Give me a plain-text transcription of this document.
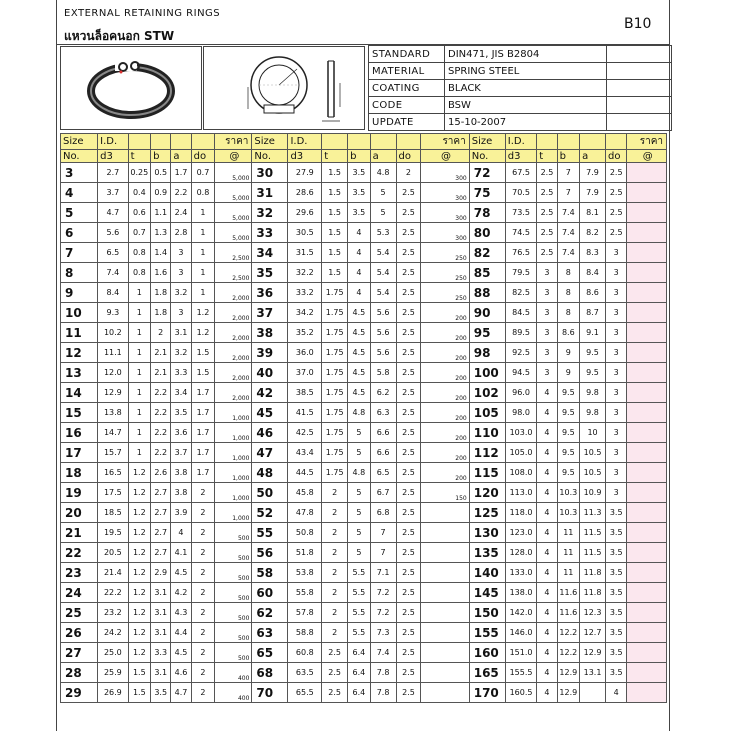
EXTERNAL RETAINING RINGS
แหวนล็อคนอก STW
B10
STANDARD	DIN471, JIS B2804	
MATERIAL	SPRING STEEL	
COATING	BLACK	
CODE	BSW	
UPDATE	15-10-2007	
Size	I.D.					ราคา	Size	I.D.					ราคา	Size	I.D.					ราคา
No.	d3	t	b	a	do	@	No.	d3	t	b	a	do	@	No.	d3	t	b	a	do	@
3	2.7	0.25	0.5	1.7	0.7	5,000	30	27.9	1.5	3.5	4.8	2	300	72	67.5	2.5	7	7.9	2.5	
4	3.7	0.4	0.9	2.2	0.8	5,000	31	28.6	1.5	3.5	5	2.5	300	75	70.5	2.5	7	7.9	2.5	
5	4.7	0.6	1.1	2.4	1	5,000	32	29.6	1.5	3.5	5	2.5	300	78	73.5	2.5	7.4	8.1	2.5	
6	5.6	0.7	1.3	2.8	1	5,000	33	30.5	1.5	4	5.3	2.5	300	80	74.5	2.5	7.4	8.2	2.5	
7	6.5	0.8	1.4	3	1	2,500	34	31.5	1.5	4	5.4	2.5	250	82	76.5	2.5	7.4	8.3	3	
8	7.4	0.8	1.6	3	1	2,500	35	32.2	1.5	4	5.4	2.5	250	85	79.5	3	8	8.4	3	
9	8.4	1	1.8	3.2	1	2,000	36	33.2	1.75	4	5.4	2.5	250	88	82.5	3	8	8.6	3	
10	9.3	1	1.8	3	1.2	2,000	37	34.2	1.75	4.5	5.6	2.5	200	90	84.5	3	8	8.7	3	
11	10.2	1	2	3.1	1.2	2,000	38	35.2	1.75	4.5	5.6	2.5	200	95	89.5	3	8.6	9.1	3	
12	11.1	1	2.1	3.2	1.5	2,000	39	36.0	1.75	4.5	5.6	2.5	200	98	92.5	3	9	9.5	3	
13	12.0	1	2.1	3.3	1.5	2,000	40	37.0	1.75	4.5	5.8	2.5	200	100	94.5	3	9	9.5	3	
14	12.9	1	2.2	3.4	1.7	2,000	42	38.5	1.75	4.5	6.2	2.5	200	102	96.0	4	9.5	9.8	3	
15	13.8	1	2.2	3.5	1.7	1,000	45	41.5	1.75	4.8	6.3	2.5	200	105	98.0	4	9.5	9.8	3	
16	14.7	1	2.2	3.6	1.7	1,000	46	42.5	1.75	5	6.6	2.5	200	110	103.0	4	9.5	10	3	
17	15.7	1	2.2	3.7	1.7	1,000	47	43.4	1.75	5	6.6	2.5	200	112	105.0	4	9.5	10.5	3	
18	16.5	1.2	2.6	3.8	1.7	1,000	48	44.5	1.75	4.8	6.5	2.5	200	115	108.0	4	9.5	10.5	3	
19	17.5	1.2	2.7	3.8	2	1,000	50	45.8	2	5	6.7	2.5	150	120	113.0	4	10.3	10.9	3	
20	18.5	1.2	2.7	3.9	2	1,000	52	47.8	2	5	6.8	2.5		125	118.0	4	10.3	11.3	3.5	
21	19.5	1.2	2.7	4	2	500	55	50.8	2	5	7	2.5		130	123.0	4	11	11.5	3.5	
22	20.5	1.2	2.7	4.1	2	500	56	51.8	2	5	7	2.5		135	128.0	4	11	11.5	3.5	
23	21.4	1.2	2.9	4.5	2	500	58	53.8	2	5.5	7.1	2.5		140	133.0	4	11	11.8	3.5	
24	22.2	1.2	3.1	4.2	2	500	60	55.8	2	5.5	7.2	2.5		145	138.0	4	11.6	11.8	3.5	
25	23.2	1.2	3.1	4.3	2	500	62	57.8	2	5.5	7.2	2.5		150	142.0	4	11.6	12.3	3.5	
26	24.2	1.2	3.1	4.4	2	500	63	58.8	2	5.5	7.3	2.5		155	146.0	4	12.2	12.7	3.5	
27	25.0	1.2	3.3	4.5	2	500	65	60.8	2.5	6.4	7.4	2.5		160	151.0	4	12.2	12.9	3.5	
28	25.9	1.5	3.1	4.6	2	400	68	63.5	2.5	6.4	7.8	2.5		165	155.5	4	12.9	13.1	3.5	
29	26.9	1.5	3.5	4.7	2	400	70	65.5	2.5	6.4	7.8	2.5		170	160.5	4	12.9		4	
